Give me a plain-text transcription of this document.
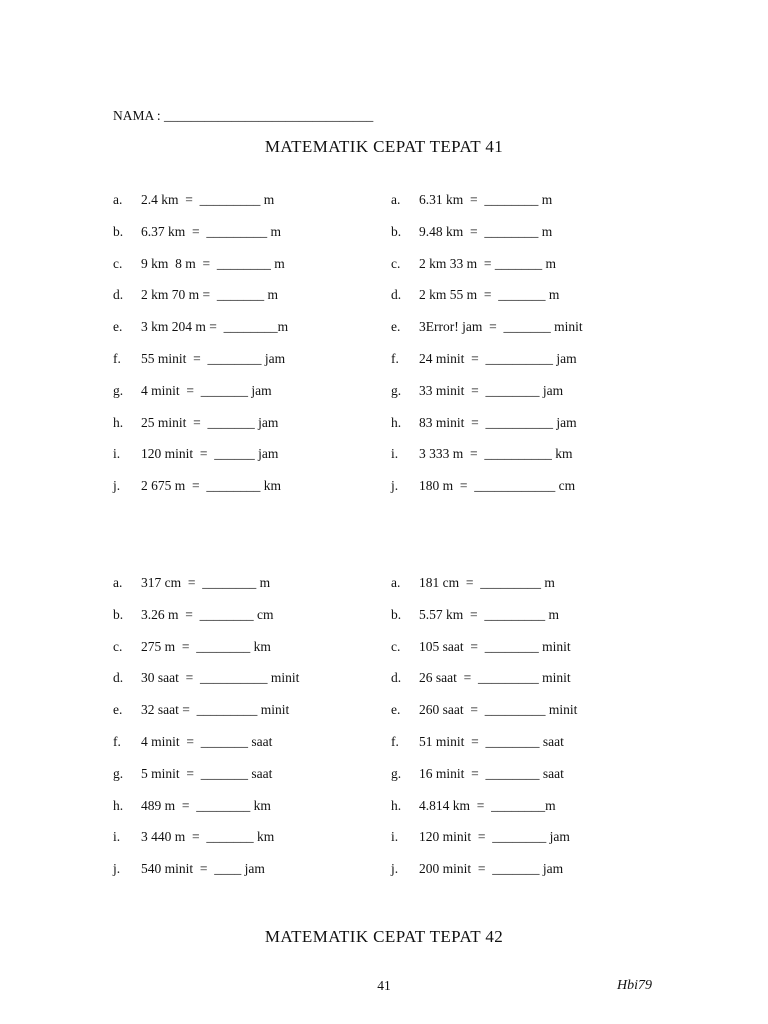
NAMA : _______________________________
MATEMATIK CEPAT TEPAT 41
a. 2.4 km  =  _________ m
b. 6.37 km  =  _________ m
c. 9 km  8 m  =  ________ m
d. 2 km 70 m =  _______ m
e. 3 km 204 m =  ________m
f. 55 minit  =  ________ jam
g. 4 minit  =  _______ jam
h. 25 minit  =  _______ jam
i. 120 minit  =  ______ jam
j. 2 675 m  =  ________ km
a. 6.31 km  =  ________ m
b. 9.48 km  =  ________ m
c. 2 km 33 m  = _______ m
d. 2 km 55 m  =  _______ m
e. 3Error! jam  =  _______ minit
f. 24 minit  =  __________ jam
g. 33 minit  =  ________ jam
h. 83 minit  =  __________ jam
i. 3 333 m  =  __________ km
j. 180 m  =  ____________ cm
a. 317 cm  =  ________ m
b. 3.26 m  =  ________ cm
c. 275 m  =  ________ km
d. 30 saat  =  __________ minit
e. 32 saat =  _________ minit
f. 4 minit  =  _______ saat
g. 5 minit  =  _______ saat
h. 489 m  =  ________ km
i. 3 440 m  =  _______ km
j. 540 minit  =  ____ jam
a. 181 cm  =  _________ m
b. 5.57 km  =  _________ m
c. 105 saat  =  ________ minit
d. 26 saat  =  _________ minit
e. 260 saat  =  _________ minit
f. 51 minit  =  ________ saat
g. 16 minit  =  ________ saat
h. 4.814 km  =  ________m
i. 120 minit  =  ________ jam
j. 200 minit  =  _______ jam
MATEMATIK CEPAT TEPAT 42
41	Hbi79
